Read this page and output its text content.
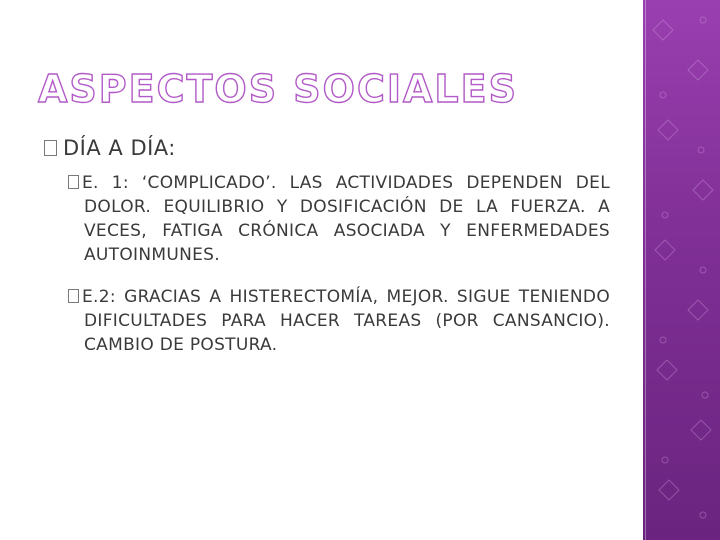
ASPECTOS SOCIALES
DÍA A DÍA:
E. 1: ‘COMPLICADO’. LAS ACTIVIDADES DEPENDEN DEL DOLOR. EQUILIBRIO Y DOSIFICACIÓN DE LA FUERZA. A VECES, FATIGA CRÓNICA ASOCIADA Y ENFERMEDADES AUTOINMUNES.
E.2: GRACIAS A HISTERECTOMÍA, MEJOR. SIGUE TENIENDO DIFICULTADES PARA HACER TAREAS (POR CANSANCIO). CAMBIO DE POSTURA.
